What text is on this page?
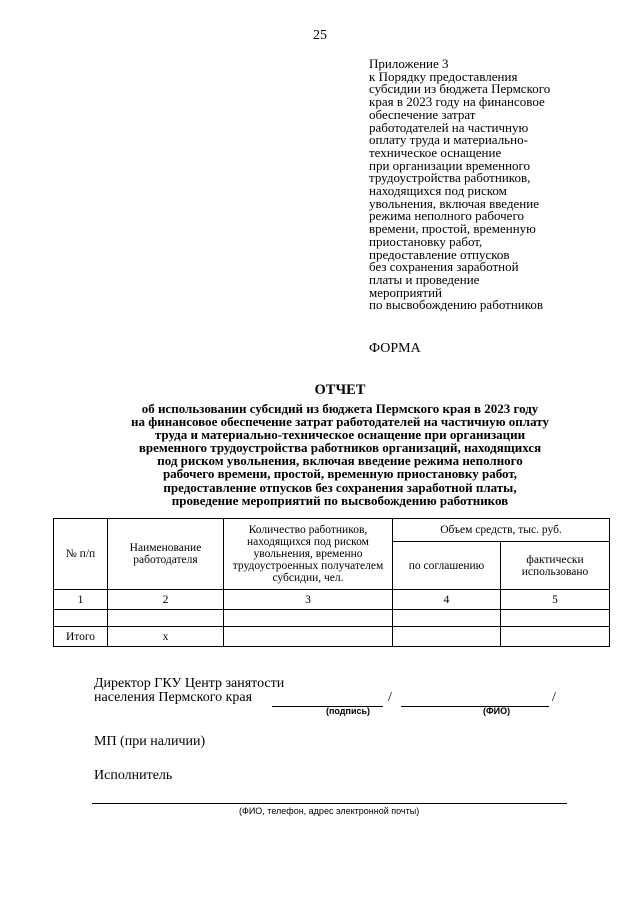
25
Приложение 3
к Порядку предоставления
субсидии из бюджета Пермского
края в 2023 году на финансовое
обеспечение затрат
работодателей на частичную
оплату труда и материально-
техническое оснащение
при организации временного
трудоустройства работников,
находящихся под риском
увольнения, включая введение
режима неполного рабочего
времени, простой, временную
приостановку работ,
предоставление отпусков
без сохранения заработной
платы и проведение
мероприятий
по высвобождению работников
ФОРМА
ОТЧЕТ
об использовании субсидий из бюджета Пермского края в 2023 году
на финансовое обеспечение затрат работодателей на частичную оплату
труда и материально-техническое оснащение при организации
временного трудоустройства работников организаций, находящихся
под риском увольнения, включая введение режима неполного
рабочего времени, простой, временную приостановку работ,
предоставление отпусков без сохранения заработной платы,
проведение мероприятий по высвобождению работников
№ п/п	Наименование работодателя	Количество работников, находящихся под риском увольнения, временно трудоустроенных получателем субсидии, чел.	Объем средств, тыс. руб.	
			по соглашению	фактически использовано
1	2	3	4	5

Итого	x			
Директор ГКУ Центр занятости
населения Пермского края	/	/
(подпись)	(ФИО)
МП (при наличии)
Исполнитель
(ФИО, телефон, адрес электронной почты)
